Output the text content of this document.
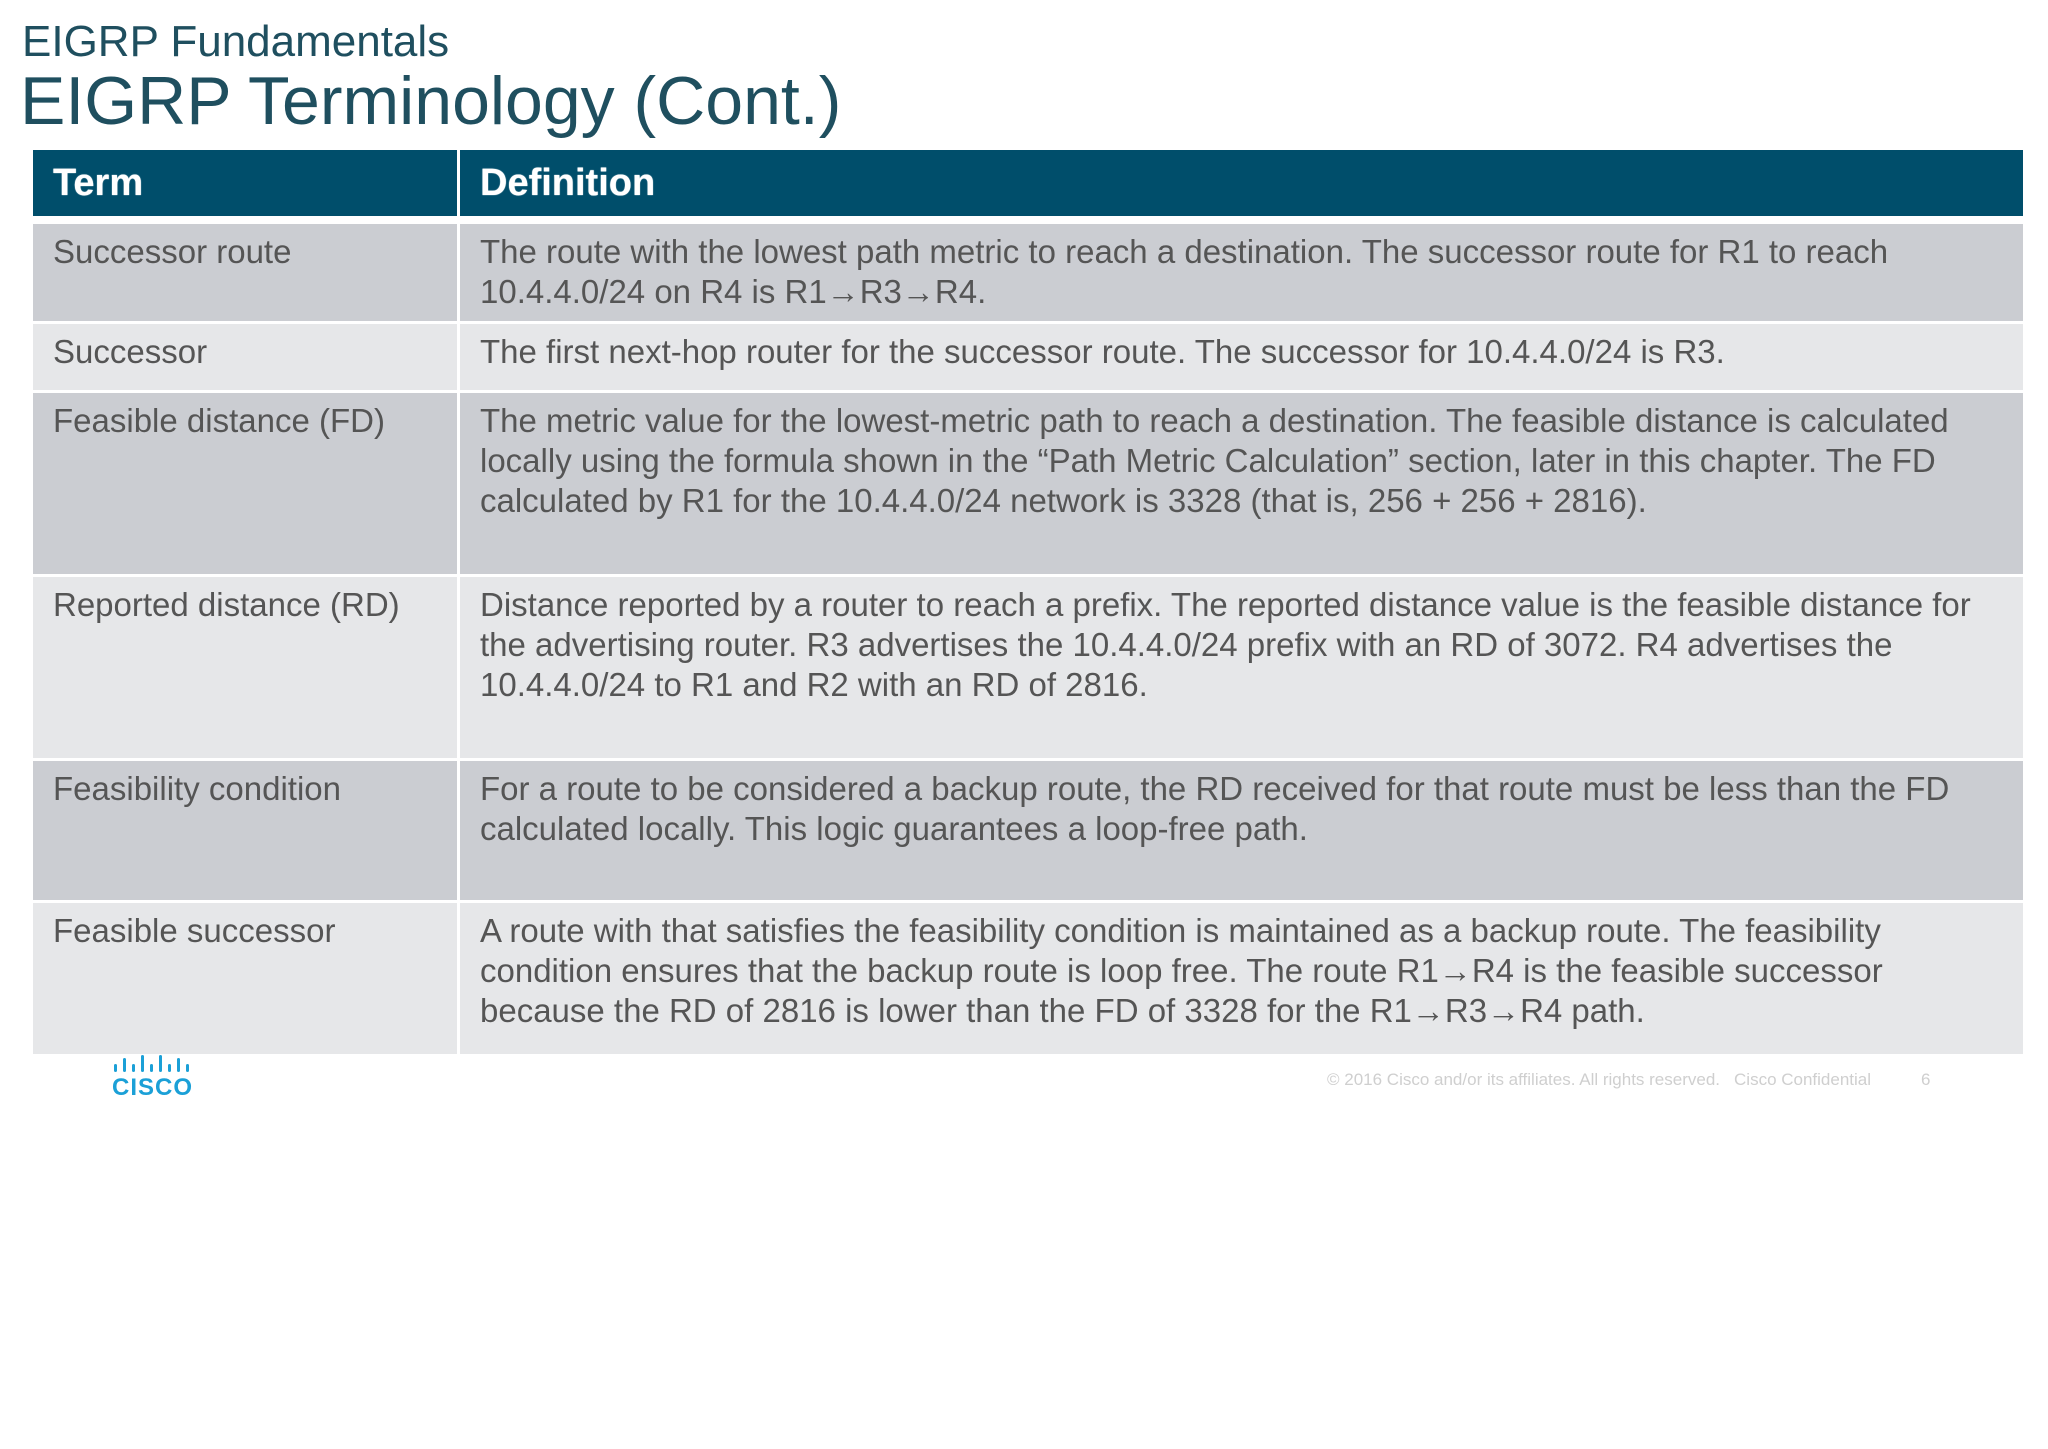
EIGRP Fundamentals
EIGRP Terminology (Cont.)
Term	Definition
Successor route	The route with the lowest path metric to reach a destination. The successor route for R1 to reach 10.4.4.0/24 on R4 is R1→R3→R4.
Successor	The first next-hop router for the successor route. The successor for 10.4.4.0/24 is R3.
Feasible distance (FD)	The metric value for the lowest-metric path to reach a destination. The feasible distance is calculated locally using the formula shown in the “Path Metric Calculation” section, later in this chapter. The FD calculated by R1 for the 10.4.4.0/24 network is 3328 (that is, 256 + 256 + 2816).
Reported distance (RD)	Distance reported by a router to reach a prefix. The reported distance value is the feasible distance for the advertising router. R3 advertises the 10.4.4.0/24 prefix with an RD of 3072. R4 advertises the 10.4.4.0/24 to R1 and R2 with an RD of 2816.
Feasibility condition	For a route to be considered a backup route, the RD received for that route must be less than the FD calculated locally. This logic guarantees a loop-free path.
Feasible successor	A route with that satisfies the feasibility condition is maintained as a backup route. The feasibility condition ensures that the backup route is loop free. The route R1→R4 is the feasible successor because the RD of 2816 is lower than the FD of 3328 for the R1→R3→R4 path.
CISCO	© 2016 Cisco and/or its affiliates. All rights reserved. Cisco Confidential	6
